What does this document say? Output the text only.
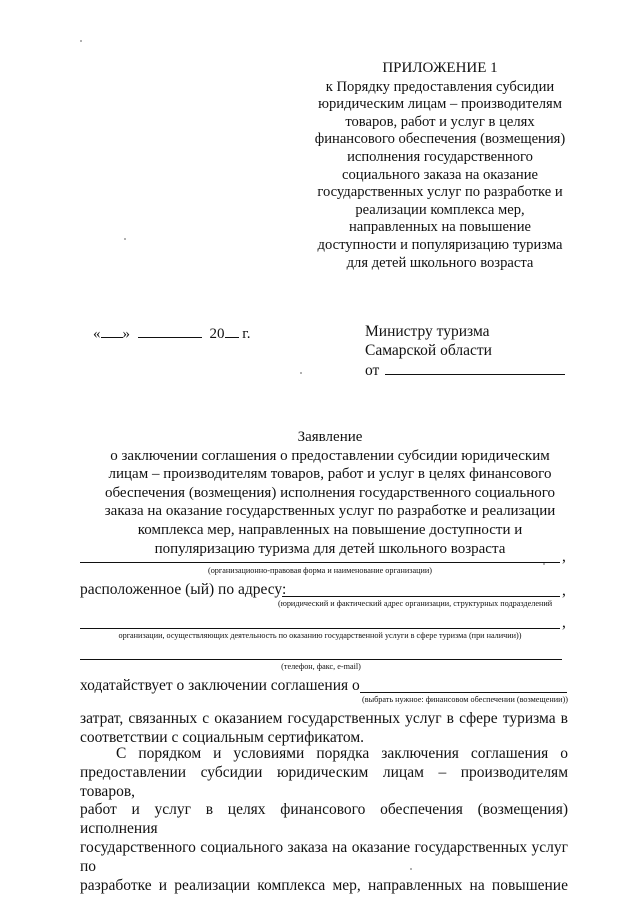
ПРИЛОЖЕНИЕ 1
к Порядку предоставления субсидии
юридическим лицам – производителям
товаров, работ и услуг в целях
финансового обеспечения (возмещения)
исполнения государственного
социального заказа на оказание
государственных услуг по разработке и
реализации комплекса мер,
направленных на повышение
доступности и популяризацию туризма
для детей школьного возраста
« »	20 г.	Министру туризма
Самарской области
от
Заявление
о заключении соглашения о предоставлении субсидии юридическим
лицам – производителям товаров, работ и услуг в целях финансового
обеспечения (возмещения) исполнения государственного социального
заказа на оказание государственных услуг по разработке и реализации
комплекса мер, направленных на повышение доступности и
популяризацию туризма для детей школьного возраста	,
(организационно-правовая форма и наименование организации)
расположенное (ый) по адресу:	,
(юридический и фактический адрес организации, структурных подразделений
,
организации, осуществляющих деятельность по оказанию государственной услуги в сфере туризма (при наличии))
(телефон, факс, e-mail)
ходатайствует о заключении соглашения о
(выбрать нужное: финансовом обеспечении (возмещении))
затрат, связанных с оказанием государственных услуг в сфере туризма в соответствии с социальным сертификатом.
С порядком и условиями порядка заключения соглашения о
предоставлении субсидии юридическим лицам – производителям товаров,
работ и услуг в целях финансового обеспечения (возмещения) исполнения
государственного социального заказа на оказание государственных услуг по
разработке и реализации комплекса мер, направленных на повышение
